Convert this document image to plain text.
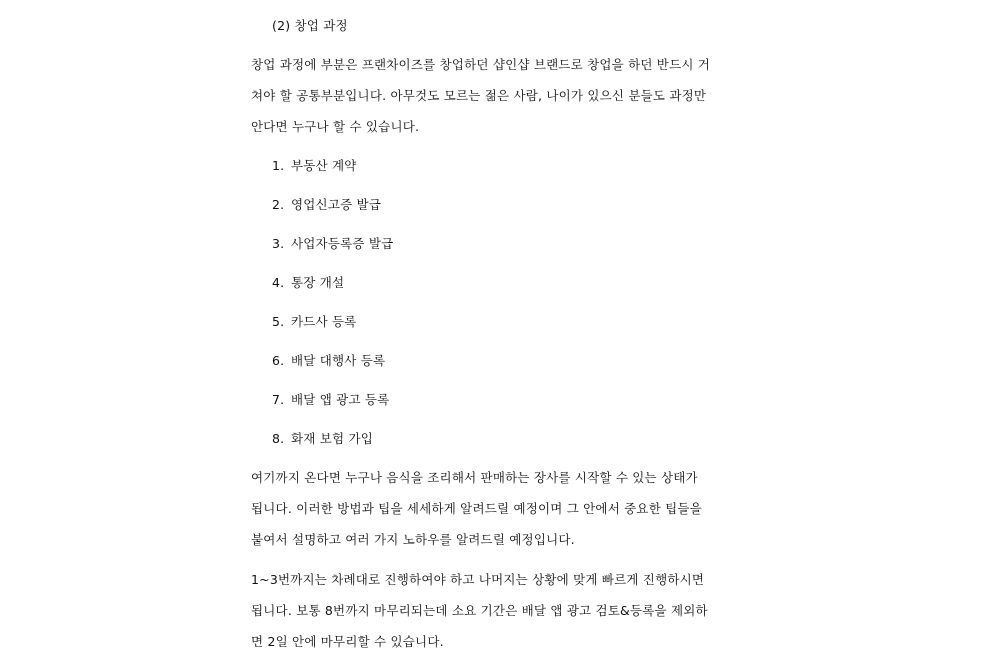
(2) 창업 과정
창업 과정에 부분은 프랜차이즈를 창업하던 샵인샵 브랜드로 창업을 하던 반드시 거
쳐야 할 공통부분입니다. 아무것도 모르는 젊은 사람, 나이가 있으신 분들도 과정만
안다면 누구나 할 수 있습니다.
1. 부동산 계약
2. 영업신고증 발급
3. 사업자등록증 발급
4. 통장 개설
5. 카드사 등록
6. 배달 대행사 등록
7. 배달 앱 광고 등록
8. 화재 보험 가입
여기까지 온다면 누구나 음식을 조리해서 판매하는 장사를 시작할 수 있는 상태가
됩니다. 이러한 방법과 팁을 세세하게 알려드릴 예정이며 그 안에서 중요한 팁들을
붙여서 설명하고 여러 가지 노하우를 알려드릴 예정입니다.
1~3번까지는 차례대로 진행하여야 하고 나머지는 상황에 맞게 빠르게 진행하시면
됩니다. 보통 8번까지 마무리되는데 소요 기간은 배달 앱 광고 검토&등록을 제외하
면 2일 안에 마무리할 수 있습니다.
